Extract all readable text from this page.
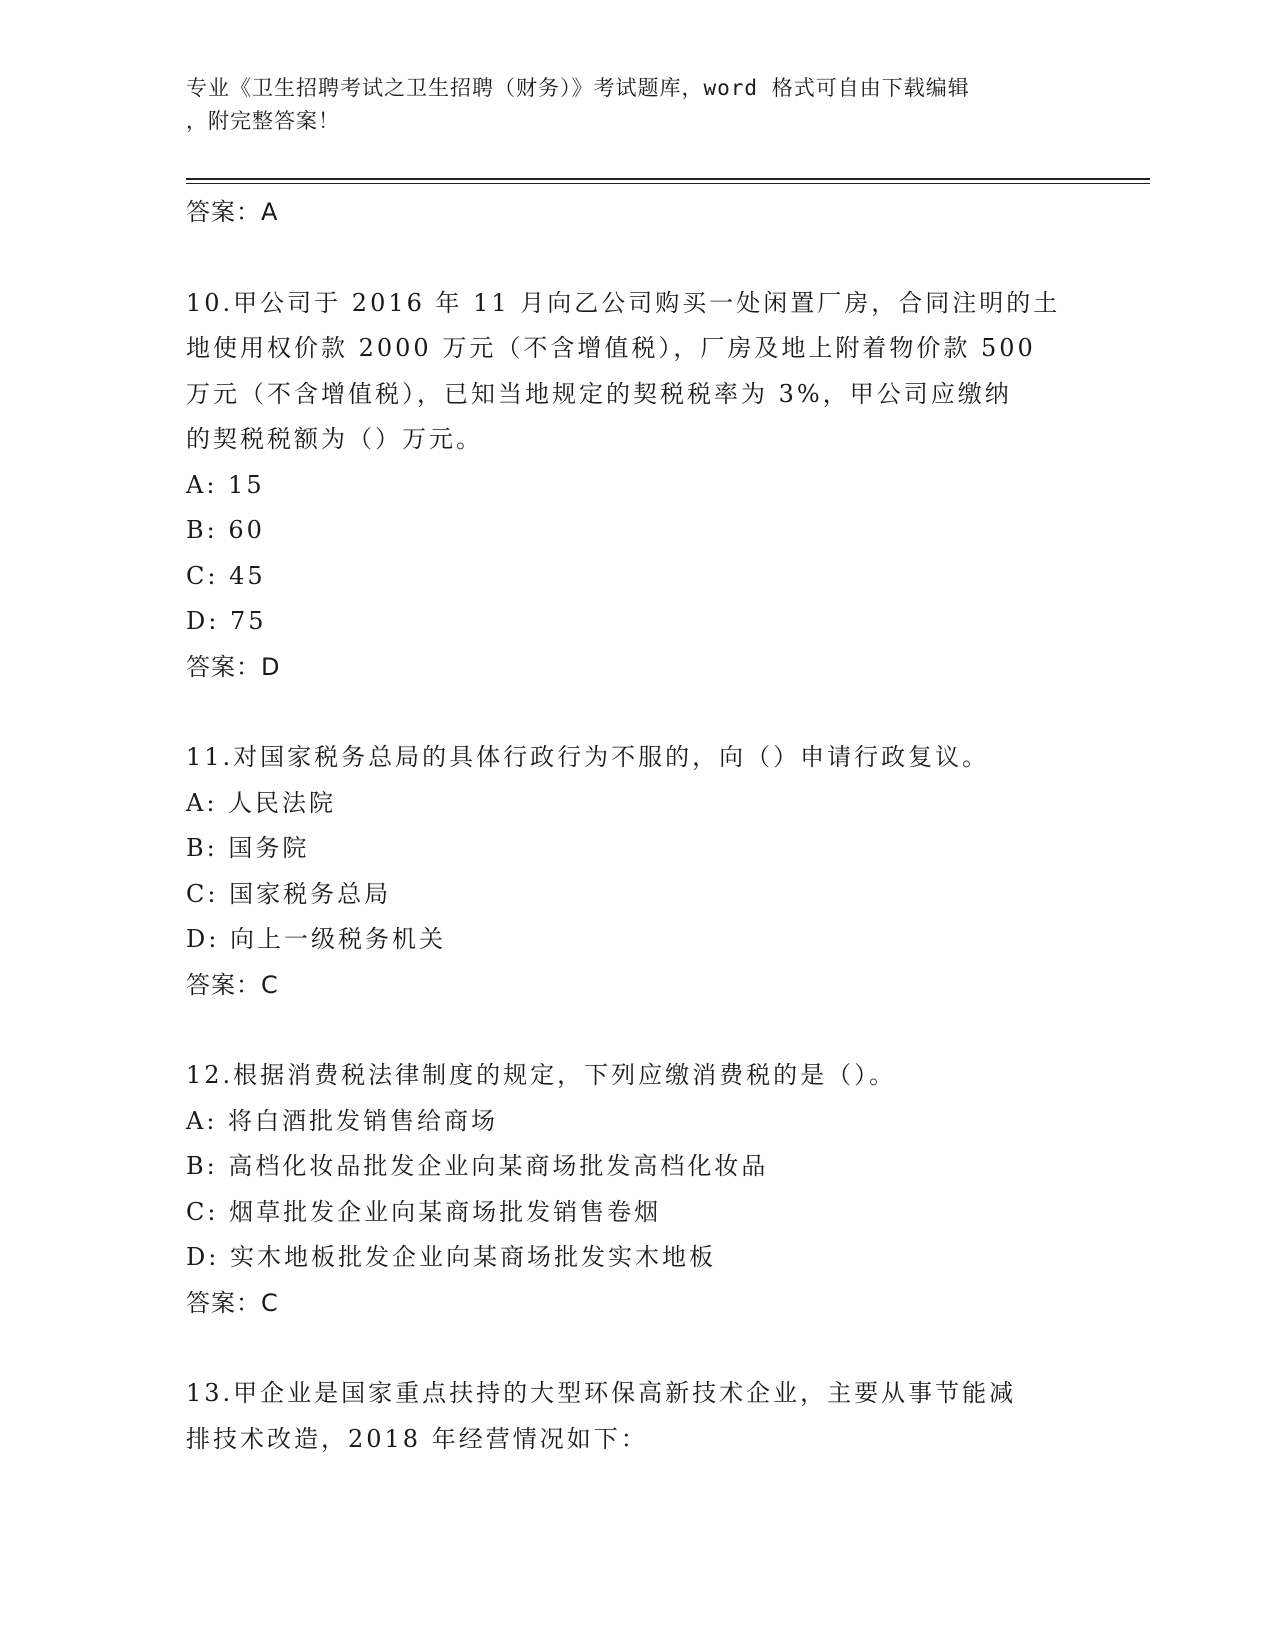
专业《卫生招聘考试之卫生招聘（财务）》考试题库，word 格式可自由下载编辑
，附完整答案！
答案：A
10.甲公司于 2016 年 11 月向乙公司购买一处闲置厂房，合同注明的土
地使用权价款 2000 万元（不含增值税），厂房及地上附着物价款 500
万元（不含增值税），已知当地规定的契税税率为 3%，甲公司应缴纳
的契税税额为（）万元。
A: 15
B: 60
C: 45
D: 75
答案：D
11.对国家税务总局的具体行政行为不服的，向（）申请行政复议。
A: 人民法院
B: 国务院
C: 国家税务总局
D: 向上一级税务机关
答案：C
12.根据消费税法律制度的规定，下列应缴消费税的是（）。
A: 将白酒批发销售给商场
B: 高档化妆品批发企业向某商场批发高档化妆品
C: 烟草批发企业向某商场批发销售卷烟
D: 实木地板批发企业向某商场批发实木地板
答案：C
13.甲企业是国家重点扶持的大型环保高新技术企业，主要从事节能减
排技术改造，2018 年经营情况如下：
